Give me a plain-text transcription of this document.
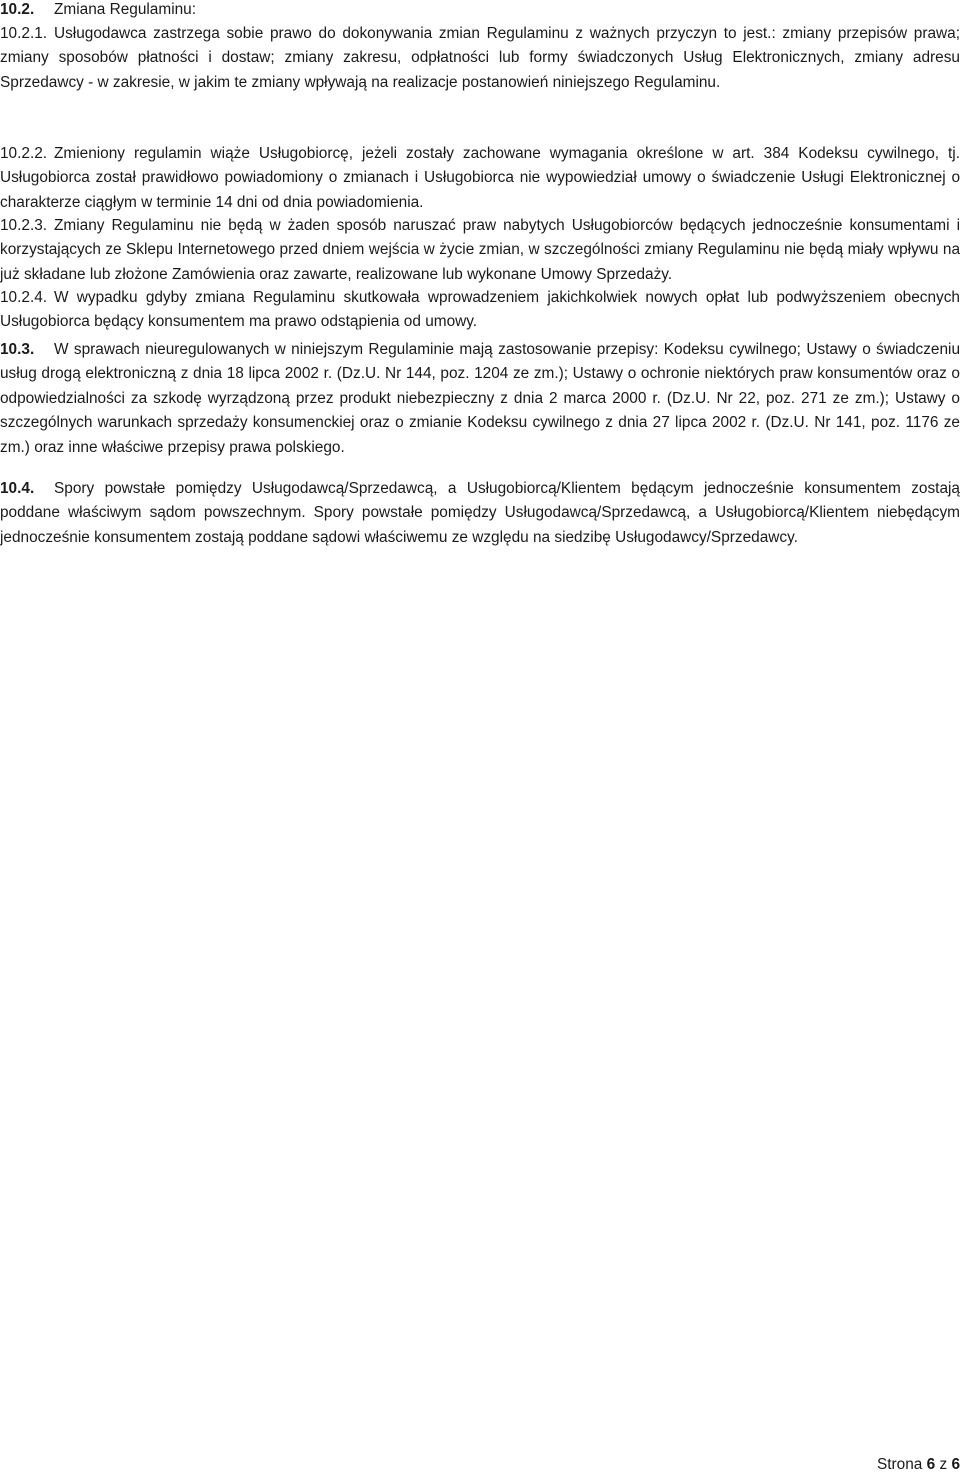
10.2. Zmiana Regulaminu:
10.2.1. Usługodawca zastrzega sobie prawo do dokonywania zmian Regulaminu z ważnych przyczyn to jest.: zmiany przepisów prawa; zmiany sposobów płatności i dostaw; zmiany zakresu, odpłatności lub formy świadczonych Usług Elektronicznych, zmiany adresu Sprzedawcy - w zakresie, w jakim te zmiany wpływają na realizacje postanowień niniejszego Regulaminu.
10.2.2. Zmieniony regulamin wiąże Usługobiorcę, jeżeli zostały zachowane wymagania określone w art. 384 Kodeksu cywilnego, tj. Usługobiorca został prawidłowo powiadomiony o zmianach i Usługobiorca nie wypowiedział umowy o świadczenie Usługi Elektronicznej o charakterze ciągłym w terminie 14 dni od dnia powiadomienia.
10.2.3. Zmiany Regulaminu nie będą w żaden sposób naruszać praw nabytych Usługobiorców będących jednocześnie konsumentami i korzystających ze Sklepu Internetowego przed dniem wejścia w życie zmian, w szczególności zmiany Regulaminu nie będą miały wpływu na już składane lub złożone Zamówienia oraz zawarte, realizowane lub wykonane Umowy Sprzedaży.
10.2.4. W wypadku gdyby zmiana Regulaminu skutkowała wprowadzeniem jakichkolwiek nowych opłat lub podwyższeniem obecnych Usługobiorca będący konsumentem ma prawo odstąpienia od umowy.
10.3.	W sprawach nieuregulowanych w niniejszym Regulaminie mają zastosowanie przepisy: Kodeksu cywilnego; Ustawy o świadczeniu usług drogą elektroniczną z dnia 18 lipca 2002 r. (Dz.U. Nr 144, poz. 1204 ze zm.); Ustawy o ochronie niektórych praw konsumentów oraz o odpowiedzialności za szkodę wyrządzoną przez produkt niebezpieczny z dnia 2 marca 2000 r. (Dz.U. Nr 22, poz. 271 ze zm.); Ustawy o szczególnych warunkach sprzedaży konsumenckiej oraz o zmianie Kodeksu cywilnego z dnia 27 lipca 2002 r. (Dz.U. Nr 141, poz. 1176 ze zm.) oraz inne właściwe przepisy prawa polskiego.
10.4.	Spory powstałe pomiędzy Usługodawcą/Sprzedawcą, a Usługobiorcą/Klientem będącym jednocześnie konsumentem zostają poddane właściwym sądom powszechnym. Spory powstałe pomiędzy Usługodawcą/Sprzedawcą, a Usługobiorcą/Klientem niebędącym jednocześnie konsumentem zostają poddane sądowi właściwemu ze względu na siedzibę Usługodawcy/Sprzedawcy.
Strona 6 z 6
